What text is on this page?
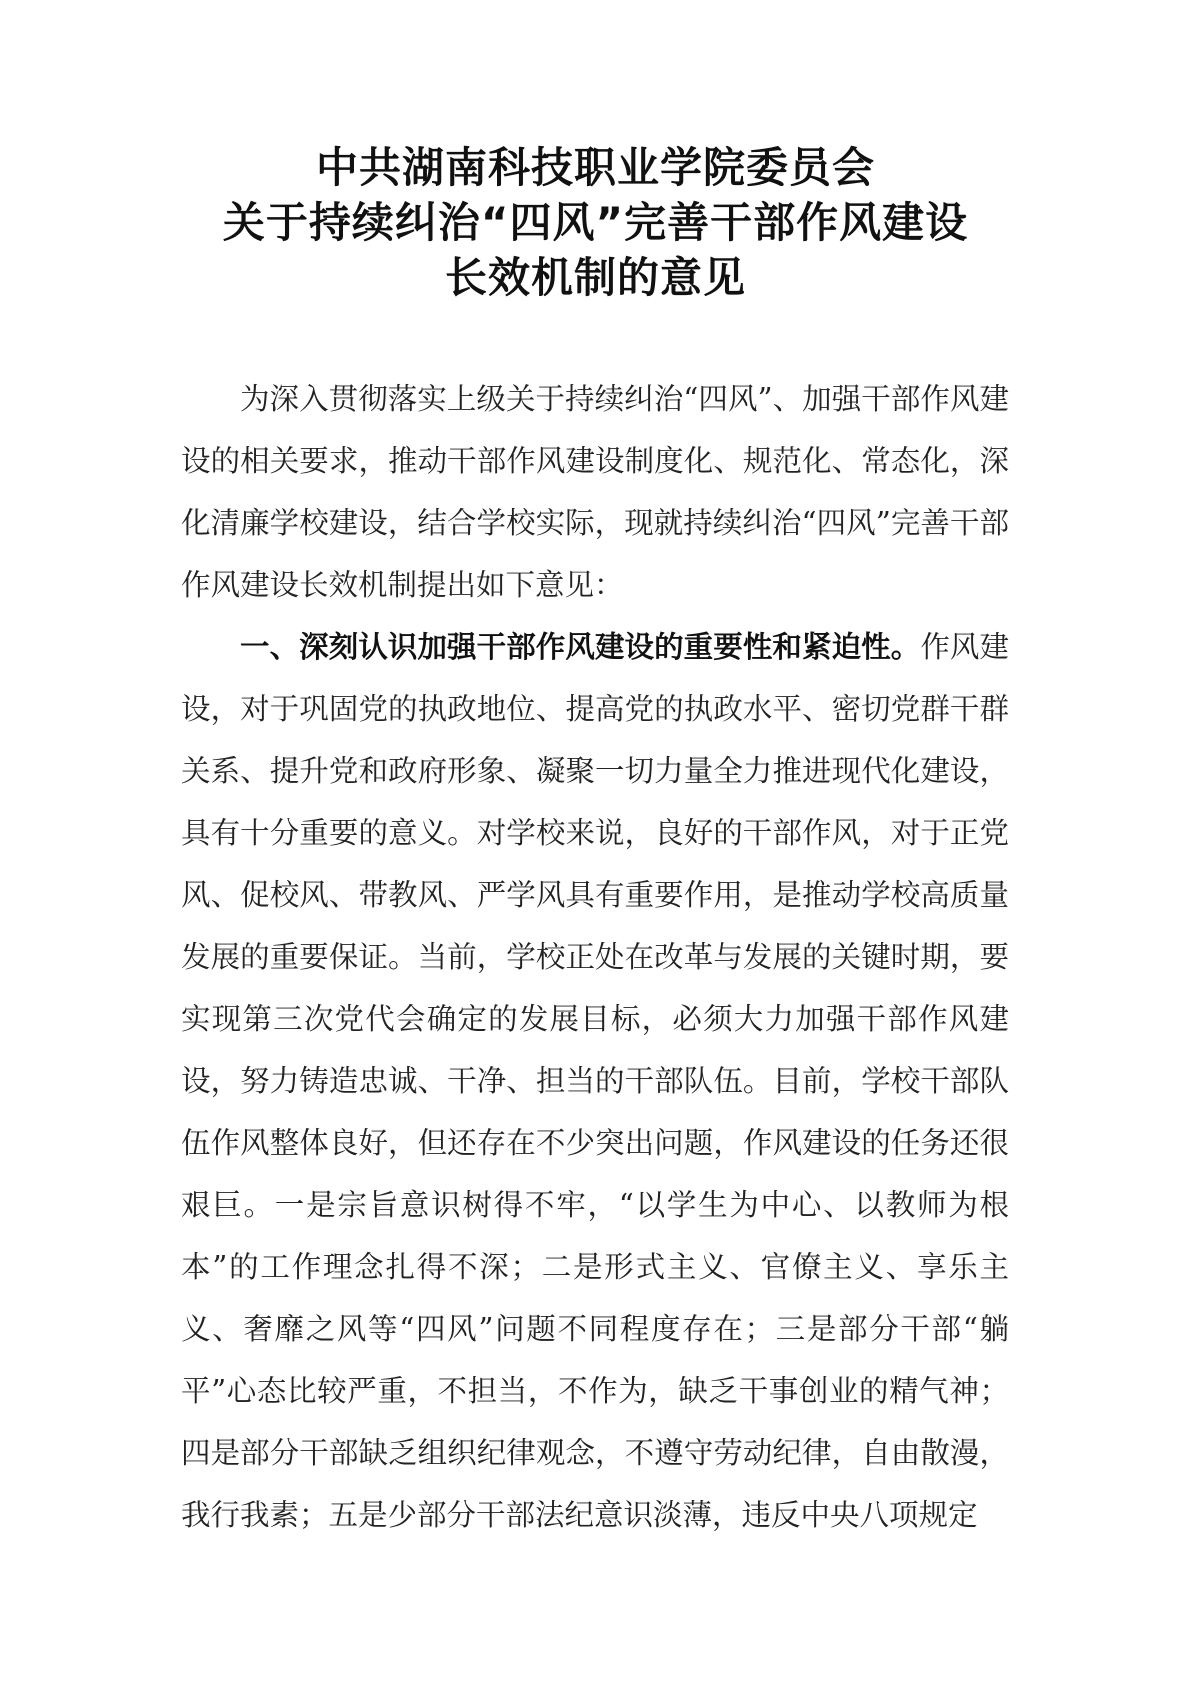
中共湖南科技职业学院委员会
关于持续纠治“四风”完善干部作风建设
长效机制的意见

为深入贯彻落实上级关于持续纠治“四风”、加强干部作风建设的相关要求，推动干部作风建设制度化、规范化、常态化，深化清廉学校建设，结合学校实际，现就持续纠治“四风”完善干部作风建设长效机制提出如下意见：

一、深刻认识加强干部作风建设的重要性和紧迫性。作风建设，对于巩固党的执政地位、提高党的执政水平、密切党群干群关系、提升党和政府形象、凝聚一切力量全力推进现代化建设，具有十分重要的意义。对学校来说，良好的干部作风，对于正党风、促校风、带教风、严学风具有重要作用，是推动学校高质量发展的重要保证。当前，学校正处在改革与发展的关键时期，要实现第三次党代会确定的发展目标，必须大力加强干部作风建设，努力铸造忠诚、干净、担当的干部队伍。目前，学校干部队伍作风整体良好，但还存在不少突出问题，作风建设的任务还很艰巨。一是宗旨意识树得不牢，“以学生为中心、以教师为根本”的工作理念扎得不深；二是形式主义、官僚主义、享乐主义、奢靡之风等“四风”问题不同程度存在；三是部分干部“躺平”心态比较严重，不担当，不作为，缺乏干事创业的精气神；四是部分干部缺乏组织纪律观念，不遵守劳动纪律，自由散漫，我行我素；五是少部分干部法纪意识淡薄，违反中央八项规定
